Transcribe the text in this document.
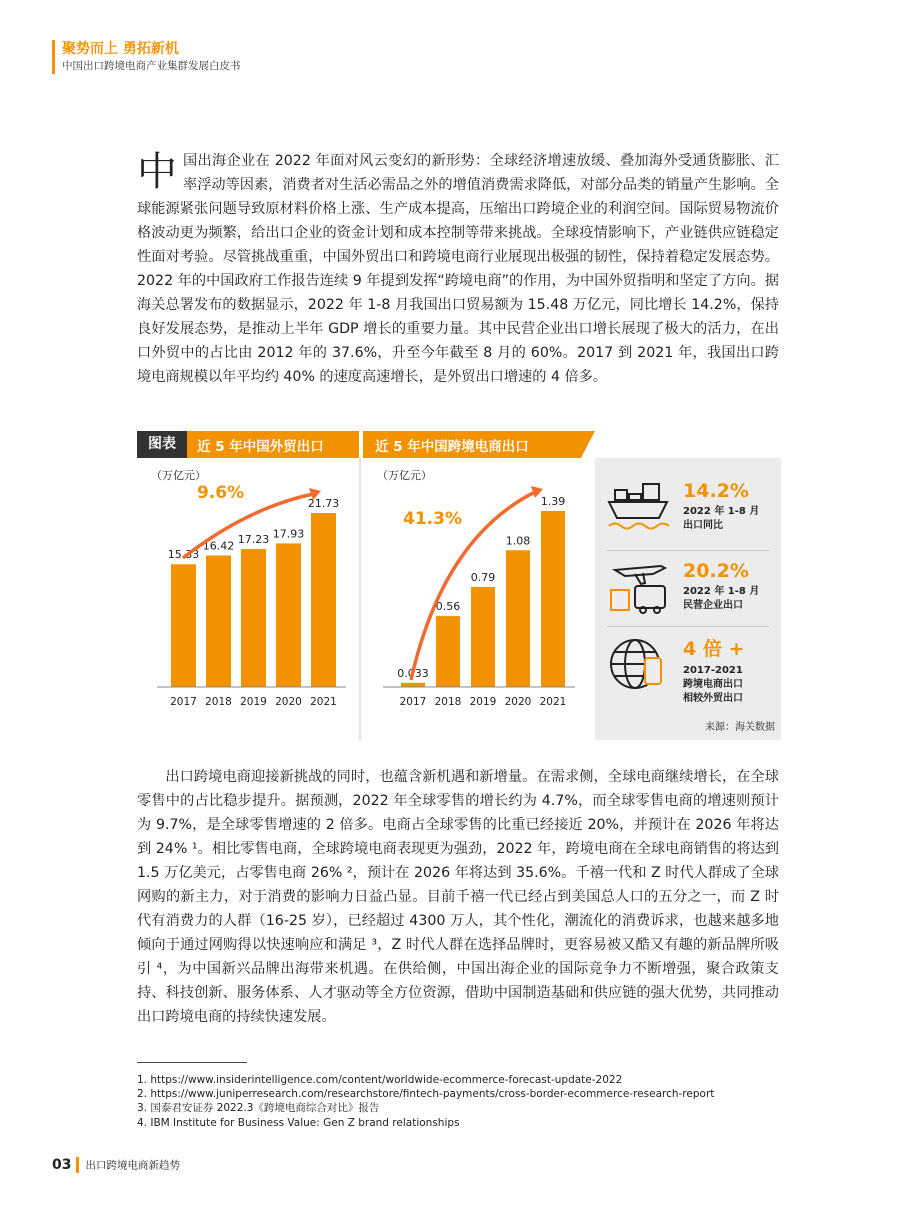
聚势而上 勇拓新机
中国出口跨境电商产业集群发展白皮书
中国出海企业在 2022 年面对风云变幻的新形势：全球经济增速放缓、叠加海外受通货膨胀、汇率浮动等因素，消费者对生活必需品之外的增值消费需求降低，对部分品类的销量产生影响。全球能源紧张问题导致原材料价格上涨、生产成本提高，压缩出口跨境企业的利润空间。国际贸易物流价格波动更为频繁，给出口企业的资金计划和成本控制等带来挑战。全球疫情影响下，产业链供应链稳定性面对考验。尽管挑战重重，中国外贸出口和跨境电商行业展现出极强的韧性，保持着稳定发展态势。2022 年的中国政府工作报告连续 9 年提到发挥“跨境电商”的作用，为中国外贸指明和坚定了方向。据海关总署发布的数据显示，2022 年 1-8 月我国出口贸易额为 15.48 万亿元，同比增长 14.2%，保持良好发展态势，是推动上半年 GDP 增长的重要力量。其中民营企业出口增长展现了极大的活力，在出口外贸中的占比由 2012 年的 37.6%，升至今年截至 8 月的 60%。2017 到 2021 年，我国出口跨境电商规模以年平均约 40% 的速度高速增长，是外贸出口增速的 4 倍多。
图表	近 5 年中国外贸出口	近 5 年中国跨境电商出口
（万亿元）
15.33
2017
16.42
2018
17.23
2019
17.93
2020
21.73
2021
9.6%
（万亿元）
0.033
2017
0.56
2018
0.79
2019
1.08
2020
1.39
2021
41.3%
14.2%
2022 年 1-8 月
出口同比
20.2%
2022 年 1-8 月
民营企业出口
4 倍 +
2017-2021
跨境电商出口
相较外贸出口
来源：海关数据
出口跨境电商迎接新挑战的同时，也蕴含新机遇和新增量。在需求侧，全球电商继续增长，在全球零售中的占比稳步提升。据预测，2022 年全球零售的增长约为 4.7%，而全球零售电商的增速则预计为 9.7%，是全球零售增速的 2 倍多。电商占全球零售的比重已经接近 20%，并预计在 2026 年将达到 24% ¹。相比零售电商，全球跨境电商表现更为强劲，2022 年，跨境电商在全球电商销售的将达到 1.5 万亿美元，占零售电商 26% ²，预计在 2026 年将达到 35.6%。千禧一代和 Z 时代人群成了全球网购的新主力，对于消费的影响力日益凸显。目前千禧一代已经占到美国总人口的五分之一，而 Z 时代有消费力的人群（16-25 岁），已经超过 4300 万人，其个性化，潮流化的消费诉求，也越来越多地倾向于通过网购得以快速响应和满足 ³，Z 时代人群在选择品牌时，更容易被又酷又有趣的新品牌所吸引 ⁴，为中国新兴品牌出海带来机遇。在供给侧，中国出海企业的国际竞争力不断增强，聚合政策支持、科技创新、服务体系、人才驱动等全方位资源，借助中国制造基础和供应链的强大优势，共同推动出口跨境电商的持续快速发展。
1. https://www.insiderintelligence.com/content/worldwide-ecommerce-forecast-update-2022
2. https://www.juniperresearch.com/researchstore/fintech-payments/cross-border-ecommerce-research-report
3. 国泰君安证券 2022.3《跨境电商综合对比》报告
4. IBM Institute for Business Value: Gen Z brand relationships
03 出口跨境电商新趋势
